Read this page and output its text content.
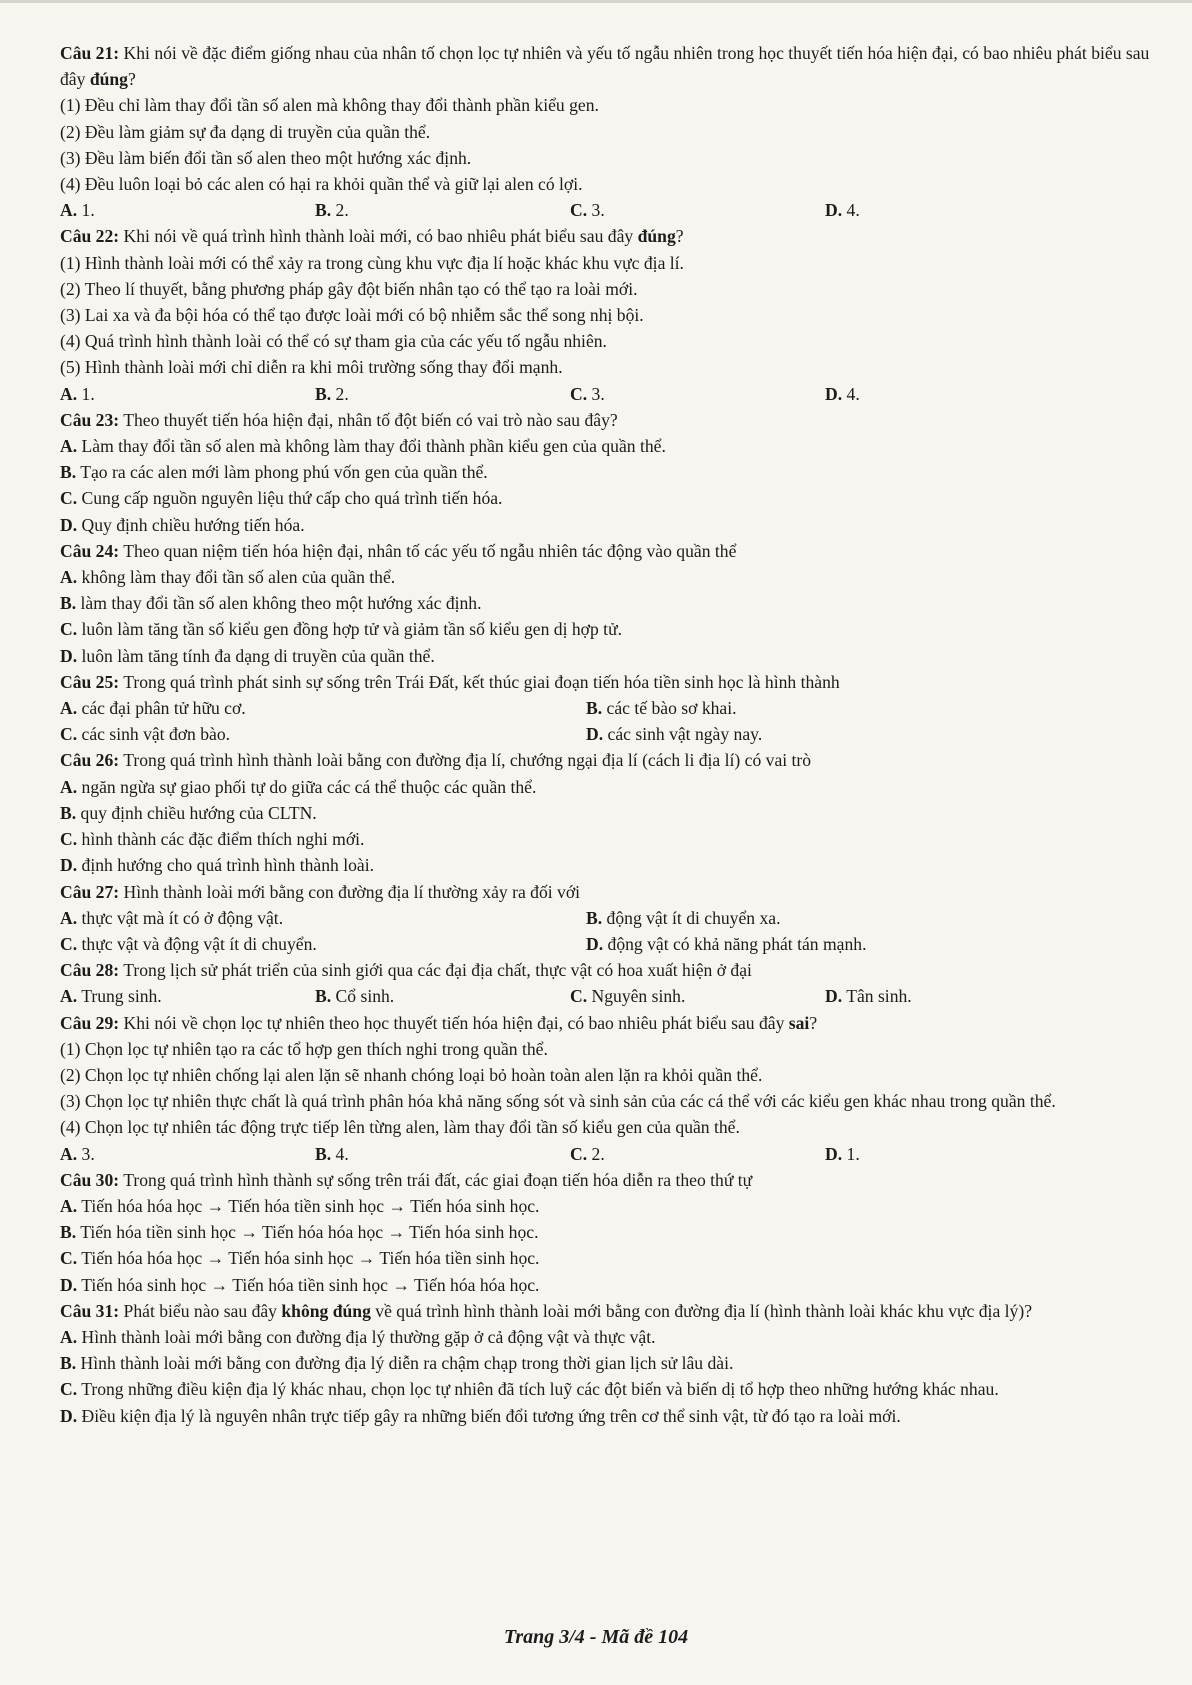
Câu 21: Khi nói về đặc điểm giống nhau của nhân tố chọn lọc tự nhiên và yếu tố ngẫu nhiên trong học thuyết tiến hóa hiện đại, có bao nhiêu phát biểu sau đây đúng?
(1) Đều chỉ làm thay đổi tần số alen mà không thay đổi thành phần kiểu gen.
(2) Đều làm giảm sự đa dạng di truyền của quần thể.
(3) Đều làm biến đổi tần số alen theo một hướng xác định.
(4) Đều luôn loại bỏ các alen có hại ra khỏi quần thể và giữ lại alen có lợi.
A. 1.	B. 2.	C. 3.	D. 4.
Câu 22: Khi nói về quá trình hình thành loài mới, có bao nhiêu phát biểu sau đây đúng?
(1) Hình thành loài mới có thể xảy ra trong cùng khu vực địa lí hoặc khác khu vực địa lí.
(2) Theo lí thuyết, bằng phương pháp gây đột biến nhân tạo có thể tạo ra loài mới.
(3) Lai xa và đa bội hóa có thể tạo được loài mới có bộ nhiễm sắc thể song nhị bội.
(4) Quá trình hình thành loài có thể có sự tham gia của các yếu tố ngẫu nhiên.
(5) Hình thành loài mới chỉ diễn ra khi môi trường sống thay đổi mạnh.
A. 1.	B. 2.	C. 3.	D. 4.
Câu 23: Theo thuyết tiến hóa hiện đại, nhân tố đột biến có vai trò nào sau đây?
A. Làm thay đổi tần số alen mà không làm thay đổi thành phần kiểu gen của quần thể.
B. Tạo ra các alen mới làm phong phú vốn gen của quần thể.
C. Cung cấp nguồn nguyên liệu thứ cấp cho quá trình tiến hóa.
D. Quy định chiều hướng tiến hóa.
Câu 24: Theo quan niệm tiến hóa hiện đại, nhân tố các yếu tố ngẫu nhiên tác động vào quần thể
A. không làm thay đổi tần số alen của quần thể.
B. làm thay đổi tần số alen không theo một hướng xác định.
C. luôn làm tăng tần số kiểu gen đồng hợp tử và giảm tần số kiểu gen dị hợp tử.
D. luôn làm tăng tính đa dạng di truyền của quần thể.
Câu 25: Trong quá trình phát sinh sự sống trên Trái Đất, kết thúc giai đoạn tiến hóa tiền sinh học là hình thành
A. các đại phân tử hữu cơ.	B. các tế bào sơ khai.
C. các sinh vật đơn bào.	D. các sinh vật ngày nay.
Câu 26: Trong quá trình hình thành loài bằng con đường địa lí, chướng ngại địa lí (cách li địa lí) có vai trò
A. ngăn ngừa sự giao phối tự do giữa các cá thể thuộc các quần thể.
B. quy định chiều hướng của CLTN.
C. hình thành các đặc điểm thích nghi mới.
D. định hướng cho quá trình hình thành loài.
Câu 27: Hình thành loài mới bằng con đường địa lí thường xảy ra đối với
A. thực vật mà ít có ở động vật.	B. động vật ít di chuyển xa.
C. thực vật và động vật ít di chuyển.	D. động vật có khả năng phát tán mạnh.
Câu 28: Trong lịch sử phát triển của sinh giới qua các đại địa chất, thực vật có hoa xuất hiện ở đại
A. Trung sinh.	B. Cổ sinh.	C. Nguyên sinh.	D. Tân sinh.
Câu 29: Khi nói về chọn lọc tự nhiên theo học thuyết tiến hóa hiện đại, có bao nhiêu phát biểu sau đây sai?
(1) Chọn lọc tự nhiên tạo ra các tổ hợp gen thích nghi trong quần thể.
(2) Chọn lọc tự nhiên chống lại alen lặn sẽ nhanh chóng loại bỏ hoàn toàn alen lặn ra khỏi quần thể.
(3) Chọn lọc tự nhiên thực chất là quá trình phân hóa khả năng sống sót và sinh sản của các cá thể với các kiểu gen khác nhau trong quần thể.
(4) Chọn lọc tự nhiên tác động trực tiếp lên từng alen, làm thay đổi tần số kiểu gen của quần thể.
A. 3.	B. 4.	C. 2.	D. 1.
Câu 30: Trong quá trình hình thành sự sống trên trái đất, các giai đoạn tiến hóa diễn ra theo thứ tự
A. Tiến hóa hóa học → Tiến hóa tiền sinh học → Tiến hóa sinh học.
B. Tiến hóa tiền sinh học → Tiến hóa hóa học → Tiến hóa sinh học.
C. Tiến hóa hóa học → Tiến hóa sinh học → Tiến hóa tiền sinh học.
D. Tiến hóa sinh học → Tiến hóa tiền sinh học → Tiến hóa hóa học.
Câu 31: Phát biểu nào sau đây không đúng về quá trình hình thành loài mới bằng con đường địa lí (hình thành loài khác khu vực địa lý)?
A. Hình thành loài mới bằng con đường địa lý thường gặp ở cả động vật và thực vật.
B. Hình thành loài mới bằng con đường địa lý diễn ra chậm chạp trong thời gian lịch sử lâu dài.
C. Trong những điều kiện địa lý khác nhau, chọn lọc tự nhiên đã tích luỹ các đột biến và biến dị tổ hợp theo những hướng khác nhau.
D. Điều kiện địa lý là nguyên nhân trực tiếp gây ra những biến đổi tương ứng trên cơ thể sinh vật, từ đó tạo ra loài mới.
Trang 3/4 - Mã đề 104
